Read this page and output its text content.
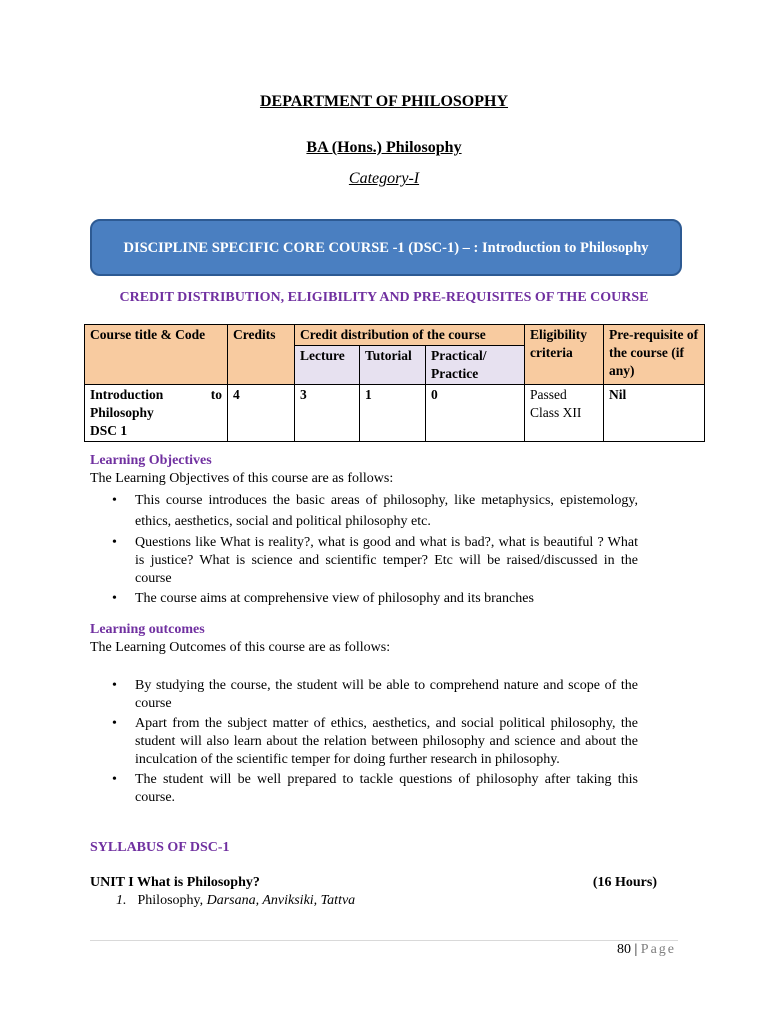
DEPARTMENT OF PHILOSOPHY
BA (Hons.) Philosophy
Category-I
DISCIPLINE SPECIFIC CORE COURSE -1 (DSC-1) – : Introduction to Philosophy
CREDIT DISTRIBUTION, ELIGIBILITY AND PRE-REQUISITES OF THE COURSE
Course title & Code	Credits	Credit distribution of the course			Eligibility criteria	Pre-requisite of the course (if any)
		Lecture	Tutorial	Practical/ Practice		

Introduction to
Philosophy
DSC 1	4	3	1	0	Passed Class XII	Nil
Learning Objectives
The Learning Objectives of this course are as follows:
• This course introduces the basic areas of philosophy, like metaphysics, epistemology, ethics, aesthetics, social and political philosophy etc.
• Questions like What is reality?, what is good and what is bad?, what is beautiful ? What is justice? What is science and scientific temper? Etc will be raised/discussed in the course
• The course aims at comprehensive view of philosophy and its branches
Learning outcomes
The Learning Outcomes of this course are as follows:
• By studying the course, the student will be able to comprehend nature and scope of the course
• Apart from the subject matter of ethics, aesthetics, and social political philosophy, the student will also learn about the relation between philosophy and science and about the inculcation of the scientific temper for doing further research in philosophy.
• The student will be well prepared to tackle questions of philosophy after taking this course.
SYLLABUS OF DSC-1
UNIT I What is Philosophy?	(16 Hours)
1. Philosophy, Darsana, Anviksiki, Tattva
80 | Page
